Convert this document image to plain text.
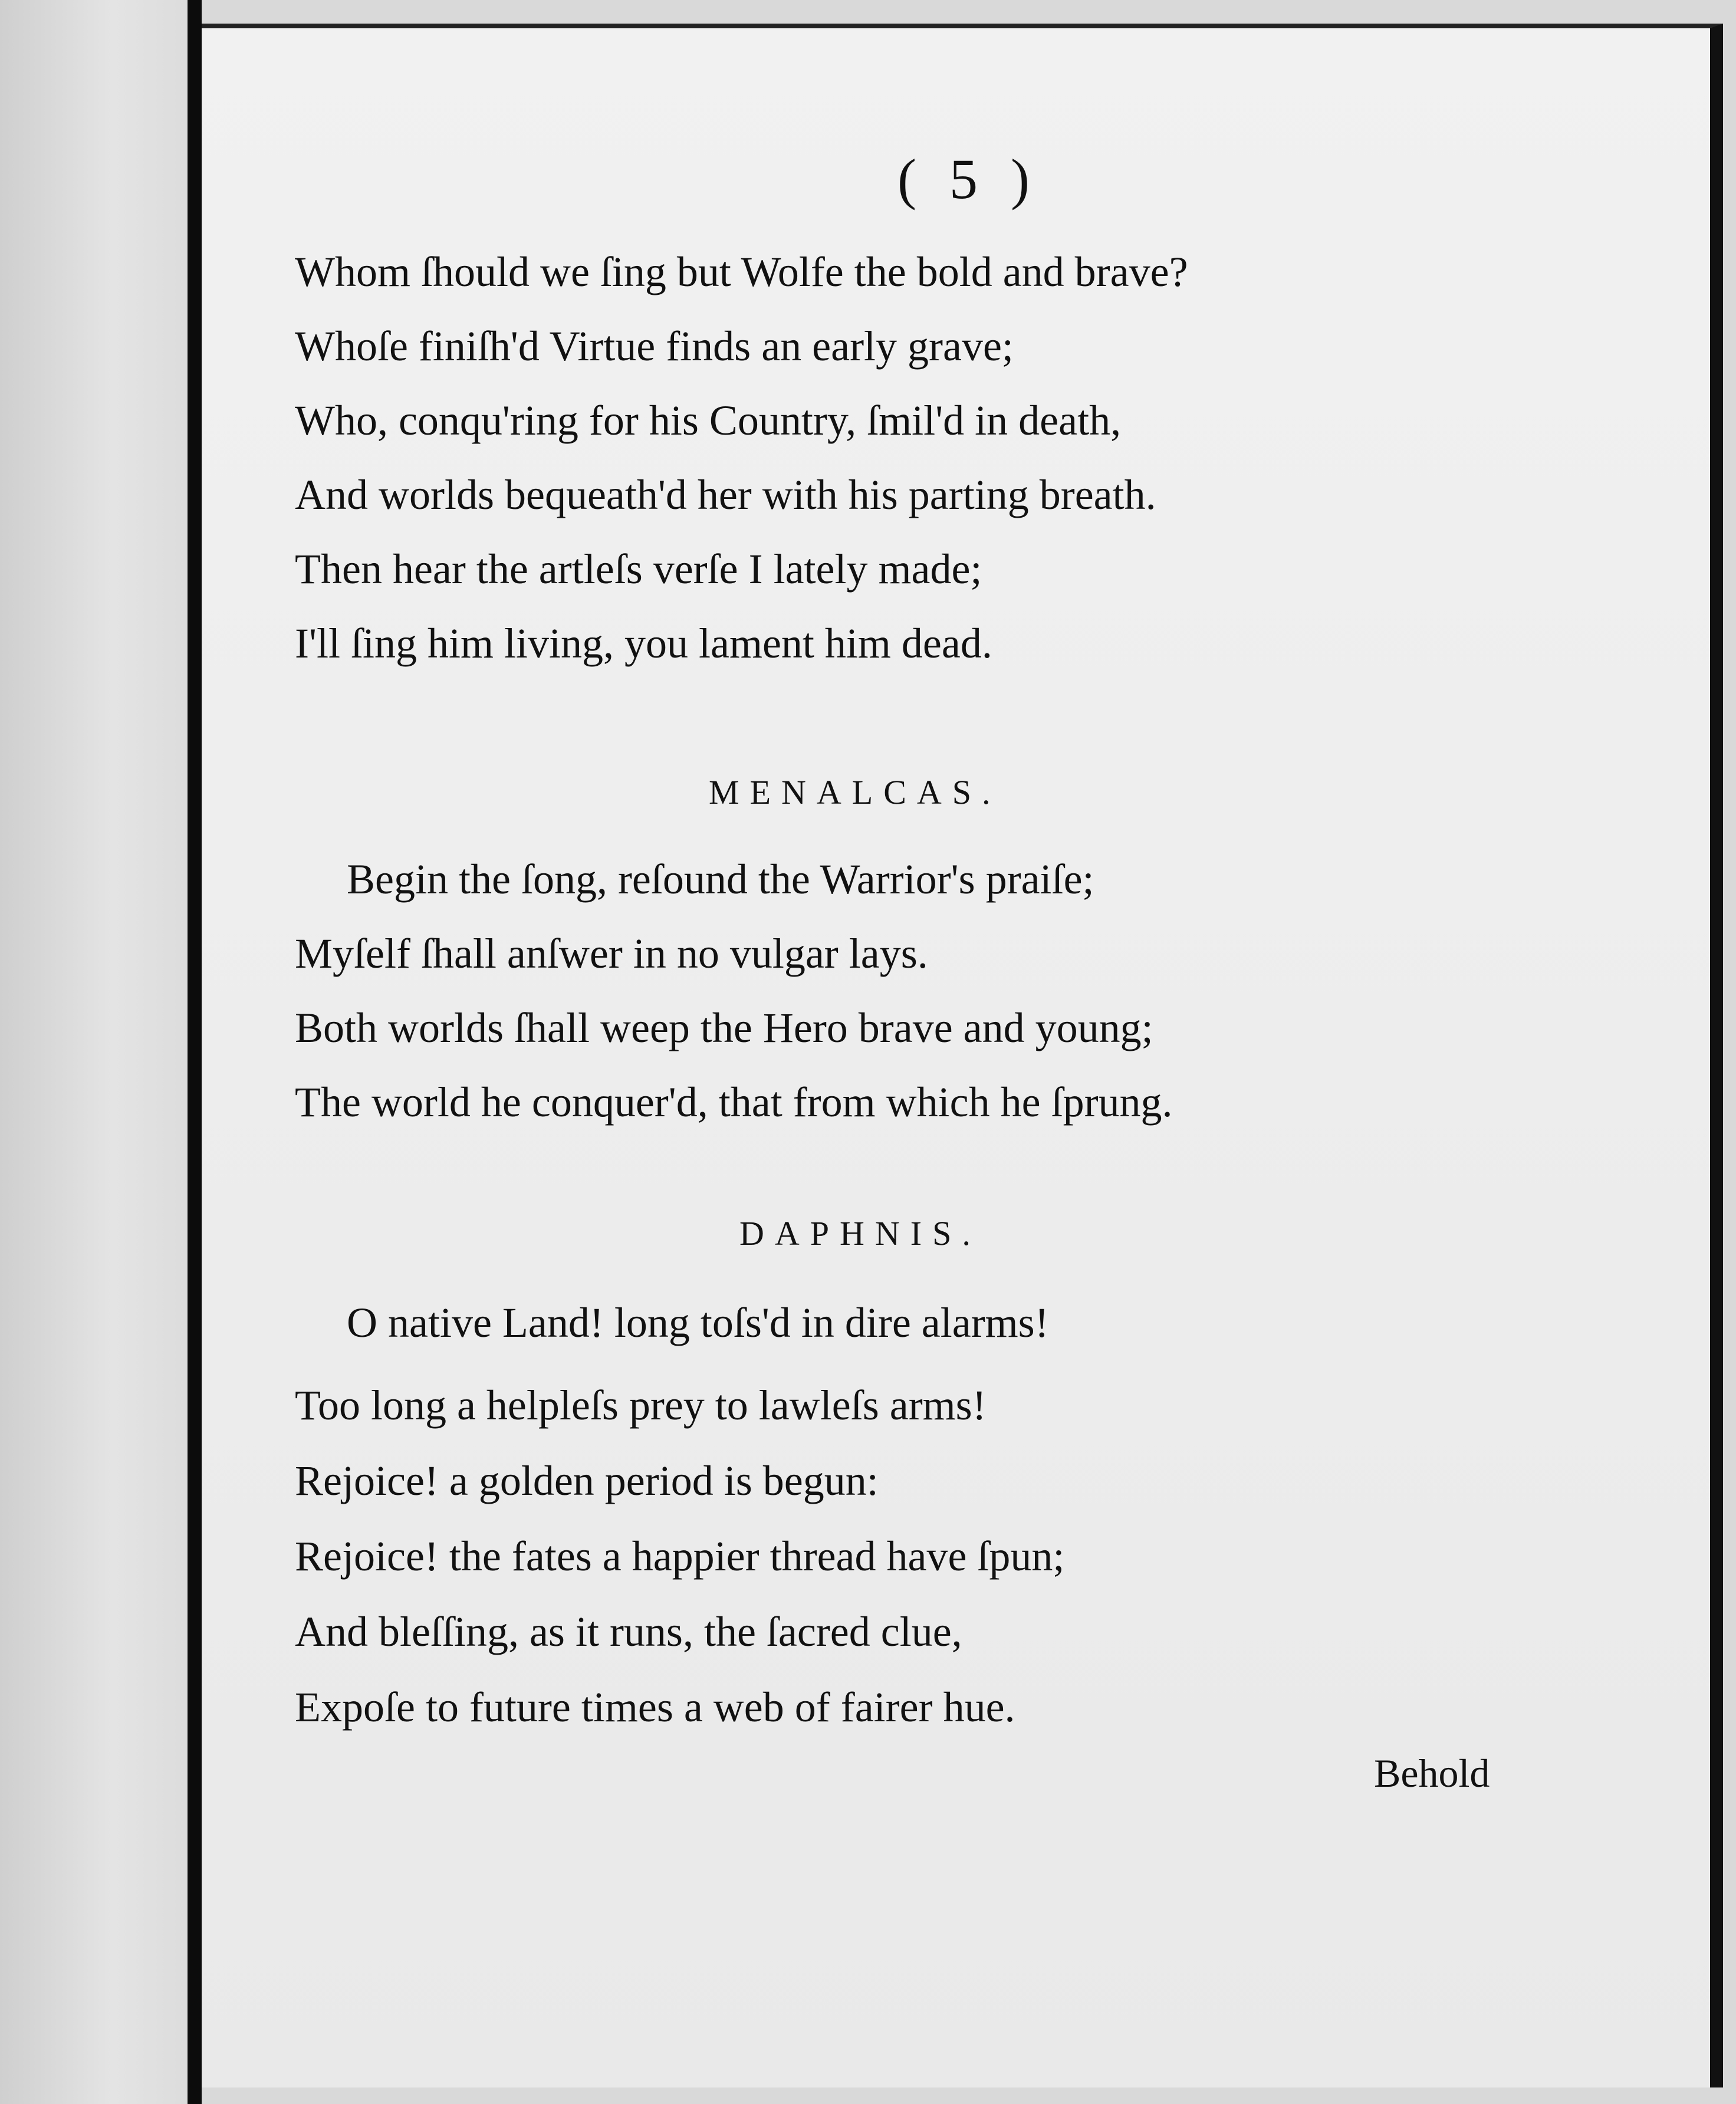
( 5 )
Whom ſhould we ſing but Wolfe the bold and brave?
Whoſe finiſh'd Virtue finds an early grave;
Who, conqu'ring for his Country, ſmil'd in death,
And worlds bequeath'd her with his parting breath.
Then hear the artleſs verſe I lately made;
I'll ſing him living, you lament him dead.
MENALCAS.
Begin the ſong, reſound the Warrior's praiſe;
Myſelf ſhall anſwer in no vulgar lays.
Both worlds ſhall weep the Hero brave and young;
The world he conquer'd, that from which he ſprung.
DAPHNIS.
O native Land! long toſs'd in dire alarms!
Too long a helpleſs prey to lawleſs arms!
Rejoice! a golden period is begun:
Rejoice! the fates a happier thread have ſpun;
And bleſſing, as it runs, the ſacred clue,
Expoſe to future times a web of fairer hue.
Behold
